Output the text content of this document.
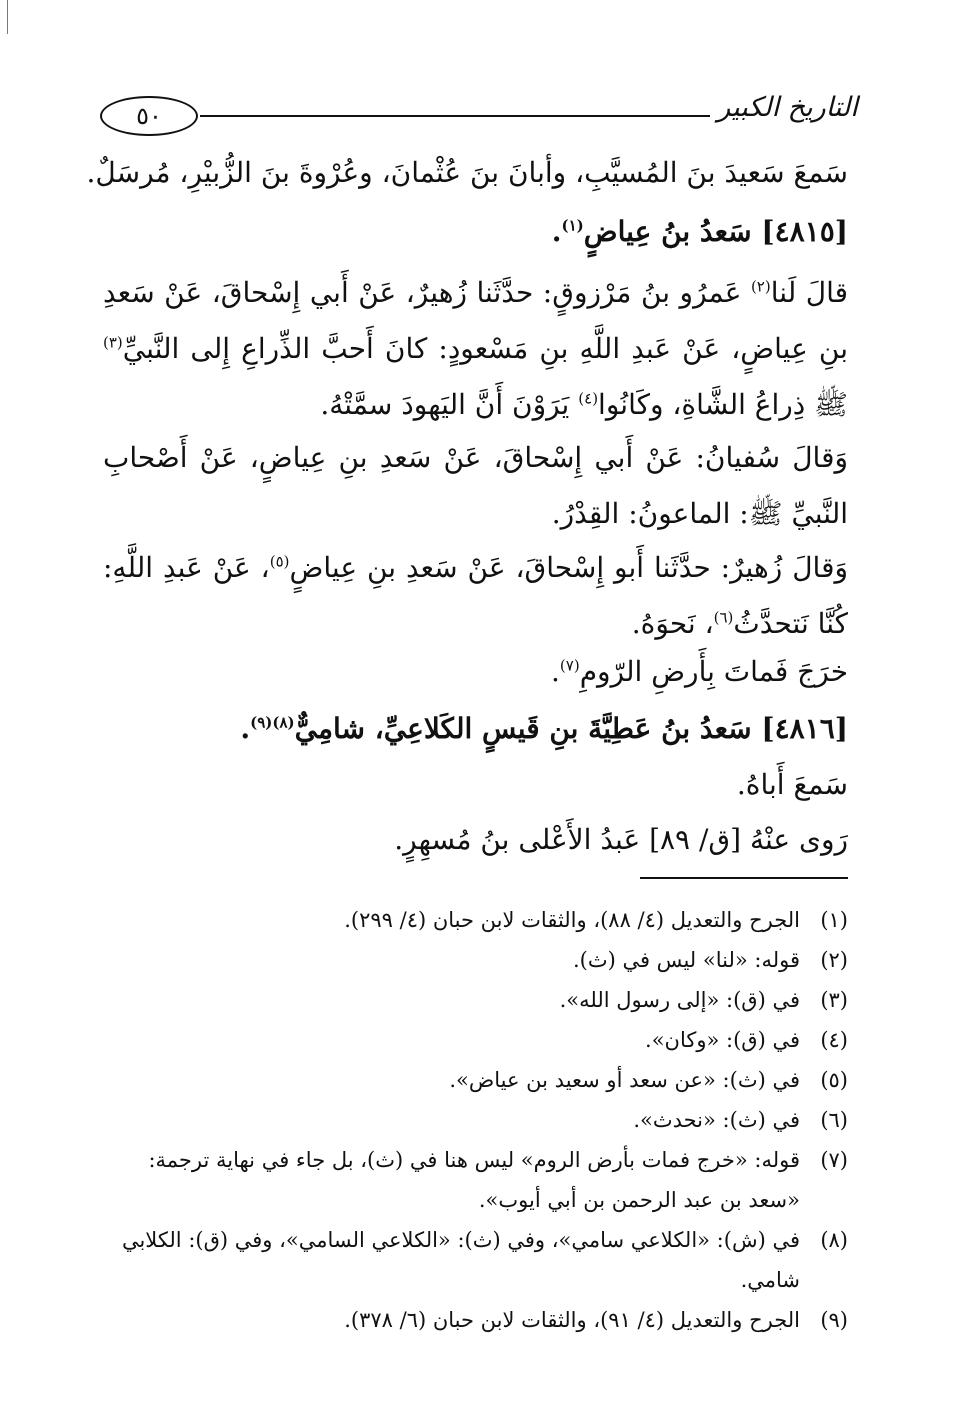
٥٠	التاريخ الكبير
سَمعَ سَعيدَ بنَ المُسيَّبِ، وأبانَ بنَ عُثْمانَ، وعُرْوةَ بنَ الزُّبيْرِ، مُرسَلٌ.
[٤٨١٥] سَعدُ بنُ عِياضٍ$^{(١)}$.
قالَ لَنا$^{(٢)}$ عَمرُو بنُ مَرْزوقٍ: حدَّثَنا زُهيرٌ، عَنْ أَبي إِسْحاقَ، عَنْ سَعدِ بنِ عِياضٍ، عَنْ عَبدِ اللَّهِ بنِ مَسْعودٍ: كانَ أَحبَّ الذِّراعِ إِلى النَّبيِّ$^{(٣)}$ ﷺ ذِراعُ الشَّاةِ، وكَانُوا$^{(٤)}$ يَرَوْنَ أَنَّ اليَهودَ سمَّتْهُ.
وَقالَ سُفيانُ: عَنْ أَبي إِسْحاقَ، عَنْ سَعدِ بنِ عِياضٍ، عَنْ أَصْحابِ النَّبيِّ ﷺ: الماعونُ: القِدْرُ.
وَقالَ زُهيرٌ: حدَّثَنا أَبو إِسْحاقَ، عَنْ سَعدِ بنِ عِياضٍ$^{(٥)}$، عَنْ عَبدِ اللَّهِ: كُنَّا نَتحدَّثُ$^{(٦)}$، نَحوَهُ.
خرَجَ فَماتَ بِأَرضِ الرّومِ$^{(٧)}$.
[٤٨١٦] سَعدُ بنُ عَطِيَّةَ بنِ قَيسٍ الكَلاعِيِّ، شامِيٌّ$^{(٨)(٩)}$.
سَمعَ أَباهُ.
رَوى عنْهُ [ق/ ٨٩] عَبدُ الأَعْلى بنُ مُسهِرٍ.
(١)
الجرح والتعديل (٤/ ٨٨)، والثقات لابن حبان (٤/ ٢٩٩).
(٢)
قوله: «لنا» ليس في (ث).
(٣)
في (ق): «إلى رسول الله».
(٤)
في (ق): «وكان».
(٥)
في (ث): «عن سعد أو سعيد بن عياض».
(٦)
في (ث): «نحدث».
(٧)
قوله: «خرج فمات بأرض الروم» ليس هنا في (ث)، بل جاء في نهاية ترجمة: «سعد بن عبد الرحمن بن أبي أيوب».
(٨)
في (ش): «الكلاعي سامي»، وفي (ث): «الكلاعي السامي»، وفي (ق): الكلابي شامي.
(٩)
الجرح والتعديل (٤/ ٩١)، والثقات لابن حبان (٦/ ٣٧٨).
